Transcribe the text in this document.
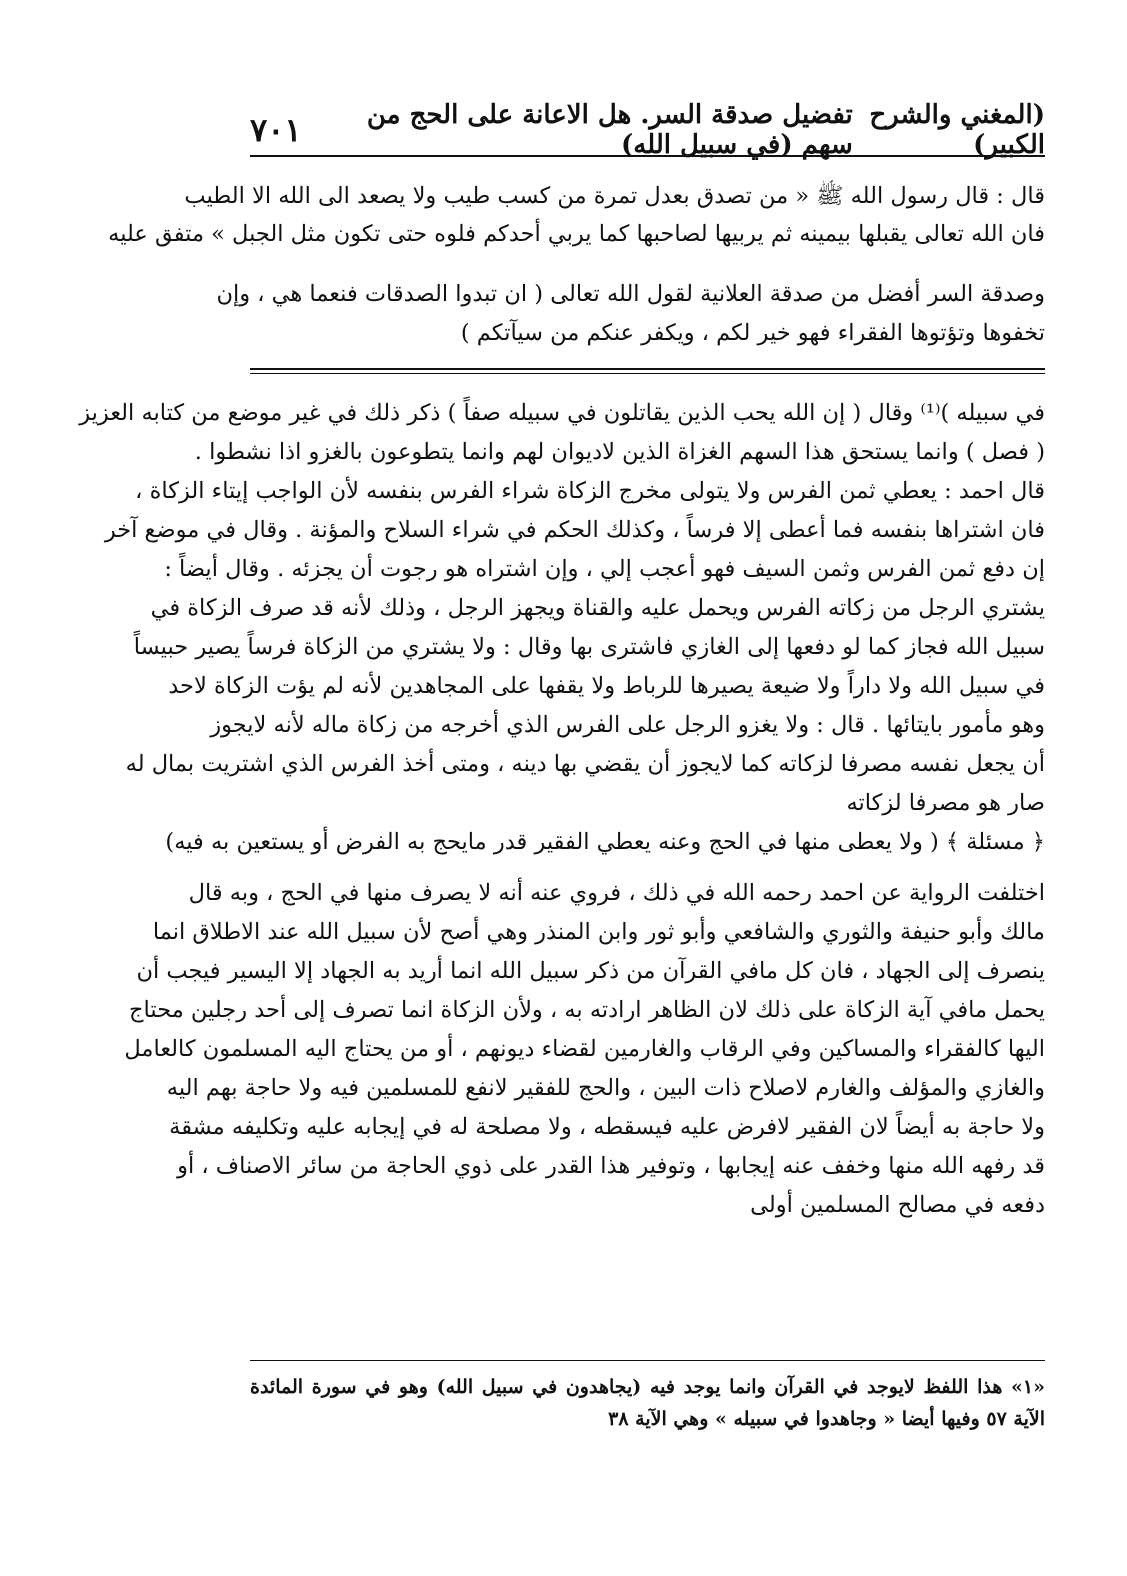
(المغني والشرح الكبير)
تفضيل صدقة السر. هل الاعانة على الحج من سهم (في سبيل الله)
٧٠١
قال : قال رسول الله ﷺ « من تصدق بعدل تمرة من كسب طيب ولا يصعد الى الله الا الطيب
فان الله تعالى يقبلها بيمينه ثم يربيها لصاحبها كما يربي أحدكم فلوه حتى تكون مثل الجبل » متفق عليه
وصدقة السر أفضل من صدقة العلانية لقول الله تعالى ( ان تبدوا الصدقات فنعما هي ، وإن
تخفوها وتؤتوها الفقراء فهو خير لكم ، ويكفر عنكم من سيآتكم )
في سبيله )⁽¹⁾ وقال ( إن الله يحب الذين يقاتلون في سبيله صفاً ) ذكر ذلك في غير موضع من كتابه العزيز
( فصل ) وانما يستحق هذا السهم الغزاة الذين لاديوان لهم وانما يتطوعون بالغزو اذا نشطوا .
قال احمد : يعطي ثمن الفرس ولا يتولى مخرج الزكاة شراء الفرس بنفسه لأن الواجب إيتاء الزكاة ،
فان اشتراها بنفسه فما أعطى إلا فرساً ، وكذلك الحكم في شراء السلاح والمؤنة . وقال في موضع آخر
إن دفع ثمن الفرس وثمن السيف فهو أعجب إلي ، وإن اشتراه هو رجوت أن يجزئه . وقال أيضاً :
يشتري الرجل من زكاته الفرس ويحمل عليه والقناة ويجهز الرجل ، وذلك لأنه قد صرف الزكاة في
سبيل الله فجاز كما لو دفعها إلى الغازي فاشترى بها وقال : ولا يشتري من الزكاة فرساً يصير حبيساً
في سبيل الله ولا داراً ولا ضيعة يصيرها للرباط ولا يقفها على المجاهدين لأنه لم يؤت الزكاة لاحد
وهو مأمور بايتائها . قال : ولا يغزو الرجل على الفرس الذي أخرجه من زكاة ماله لأنه لايجوز
أن يجعل نفسه مصرفا لزكاته كما لايجوز أن يقضي بها دينه ، ومتى أخذ الفرس الذي اشتريت بمال له
صار هو مصرفا لزكاته
﴿ مسئلة ﴾ ( ولا يعطى منها في الحج وعنه يعطي الفقير قدر مايحج به الفرض أو يستعين به فيه)
اختلفت الرواية عن احمد رحمه الله في ذلك ، فروي عنه أنه لا يصرف منها في الحج ، وبه قال
مالك وأبو حنيفة والثوري والشافعي وأبو ثور وابن المنذر وهي أصح لأن سبيل الله عند الاطلاق انما
ينصرف إلى الجهاد ، فان كل مافي القرآن من ذكر سبيل الله انما أريد به الجهاد إلا اليسير فيجب أن
يحمل مافي آية الزكاة على ذلك لان الظاهر ارادته به ، ولأن الزكاة انما تصرف إلى أحد رجلين محتاج
اليها كالفقراء والمساكين وفي الرقاب والغارمين لقضاء ديونهم ، أو من يحتاج اليه المسلمون كالعامل
والغازي والمؤلف والغارم لاصلاح ذات البين ، والحج للفقير لانفع للمسلمين فيه ولا حاجة بهم اليه
ولا حاجة به أيضاً لان الفقير لافرض عليه فيسقطه ، ولا مصلحة له في إيجابه عليه وتكليفه مشقة
قد رفهه الله منها وخفف عنه إيجابها ، وتوفير هذا القدر على ذوي الحاجة من سائر الاصناف ، أو
دفعه في مصالح المسلمين أولى
«١» هذا اللفظ لايوجد في القرآن وانما يوجد فيه (يجاهدون في سبيل الله) وهو في سورة المائدة
الآية ٥٧ وفيها أيضا « وجاهدوا في سبيله » وهي الآية ٣٨
